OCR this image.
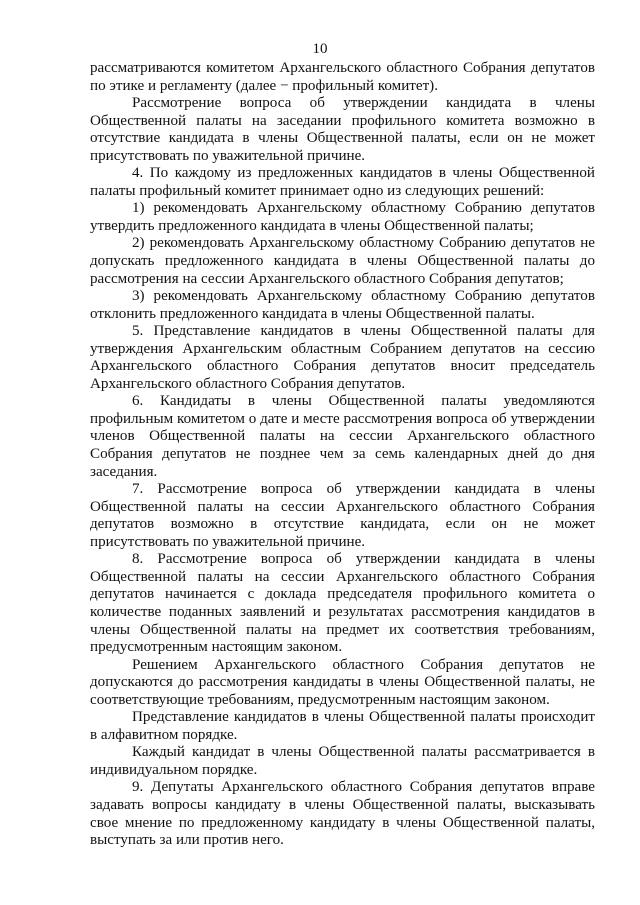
10

рассматриваются комитетом Архангельского областного Собрания депутатов по этике и регламенту (далее − профильный комитет).

Рассмотрение вопроса об утверждении кандидата в члены Общественной палаты на заседании профильного комитета возможно в отсутствие кандидата в члены Общественной палаты, если он не может присутствовать по уважительной причине.

4. По каждому из предложенных кандидатов в члены Общественной палаты профильный комитет принимает одно из следующих решений:

1) рекомендовать Архангельскому областному Собранию депутатов утвердить предложенного кандидата в члены Общественной палаты;

2) рекомендовать Архангельскому областному Собранию депутатов не допускать предложенного кандидата в члены Общественной палаты до рассмотрения на сессии Архангельского областного Собрания депутатов;

3) рекомендовать Архангельскому областному Собранию депутатов отклонить предложенного кандидата в члены Общественной палаты.

5. Представление кандидатов в члены Общественной палаты для утверждения Архангельским областным Собранием депутатов на сессию Архангельского областного Собрания депутатов вносит председатель Архангельского областного Собрания депутатов.

6. Кандидаты в члены Общественной палаты уведомляются профильным комитетом о дате и месте рассмотрения вопроса об утверждении членов Общественной палаты на сессии Архангельского областного Собрания депутатов не позднее чем за семь календарных дней до дня заседания.

7. Рассмотрение вопроса об утверждении кандидата в члены Общественной палаты на сессии Архангельского областного Собрания депутатов возможно в отсутствие кандидата, если он не может присутствовать по уважительной причине.

8. Рассмотрение вопроса об утверждении кандидата в члены Общественной палаты на сессии Архангельского областного Собрания депутатов начинается с доклада председателя профильного комитета о количестве поданных заявлений и результатах рассмотрения кандидатов в члены Общественной палаты на предмет их соответствия требованиям, предусмотренным настоящим законом.

Решением Архангельского областного Собрания депутатов не допускаются до рассмотрения кандидаты в члены Общественной палаты, не соответствующие требованиям, предусмотренным настоящим законом.

Представление кандидатов в члены Общественной палаты происходит в алфавитном порядке.

Каждый кандидат в члены Общественной палаты рассматривается в индивидуальном порядке.

9. Депутаты Архангельского областного Собрания депутатов вправе задавать вопросы кандидату в члены Общественной палаты, высказывать свое мнение по предложенному кандидату в члены Общественной палаты, выступать за или против него.
